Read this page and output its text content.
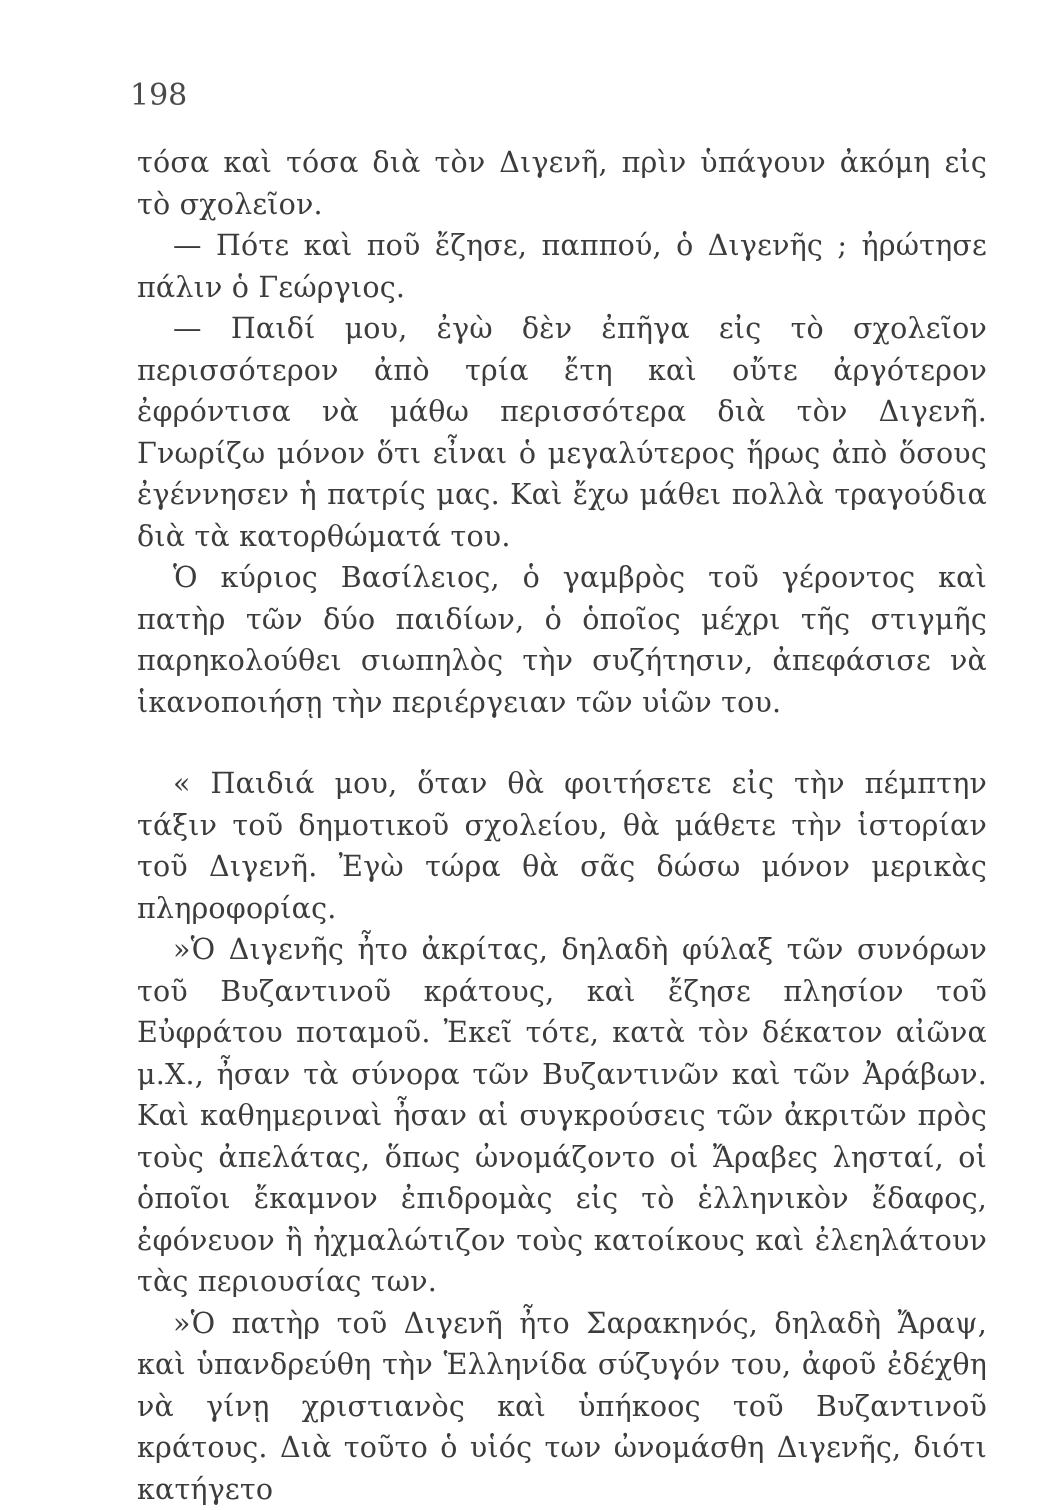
198

τόσα καὶ τόσα διὰ τὸν Διγενῆ, πρὶν ὑπάγουν ἀκόμη εἰς τὸ σχολεῖον.

— Πότε καὶ ποῦ ἔζησε, παππού, ὁ Διγενῆς ; ἠρώτησε πάλιν ὁ Γεώργιος.

— Παιδί μου, ἐγὼ δὲν ἐπῆγα εἰς τὸ σχολεῖον περισσότερον ἀπὸ τρία ἔτη καὶ οὔτε ἀργότερον ἐφρόντισα νὰ μάθω περισσότερα διὰ τὸν Διγενῆ. Γνωρίζω μόνον ὅτι εἶναι ὁ μεγαλύτερος ἥρως ἀπὸ ὅσους ἐγέννησεν ἡ πατρίς μας. Καὶ ἔχω μάθει πολλὰ τραγούδια διὰ τὰ κατορθώματά του.

Ὁ κύριος Βασίλειος, ὁ γαμβρὸς τοῦ γέροντος καὶ πατὴρ τῶν δύο παιδίων, ὁ ὁποῖος μέχρι τῆς στιγμῆς παρηκολούθει σιωπηλὸς τὴν συζήτησιν, ἀπεφάσισε νὰ ἱκανοποιήσῃ τὴν περιέργειαν τῶν υἱῶν του.

« Παιδιά μου, ὅταν θὰ φοιτήσετε εἰς τὴν πέμπτην τάξιν τοῦ δημοτικοῦ σχολείου, θὰ μάθετε τὴν ἱστορίαν τοῦ Διγενῆ. Ἐγὼ τώρα θὰ σᾶς δώσω μόνον μερικὰς πληροφορίας.

»Ὁ Διγενῆς ἦτο ἀκρίτας, δηλαδὴ φύλαξ τῶν συνόρων τοῦ Βυζαντινοῦ κράτους, καὶ ἔζησε πλησίον τοῦ Εὐφράτου ποταμοῦ. Ἐκεῖ τότε, κατὰ τὸν δέκατον αἰῶνα μ.Χ., ἦσαν τὰ σύνορα τῶν Βυζαντινῶν καὶ τῶν Ἀράβων. Καὶ καθημεριναὶ ἦσαν αἱ συγκρούσεις τῶν ἀκριτῶν πρὸς τοὺς ἀπελάτας, ὅπως ὠνομάζοντο οἱ Ἄραβες λησταί, οἱ ὁποῖοι ἔκαμνον ἐπιδρομὰς εἰς τὸ ἑλληνικὸν ἔδαφος, ἐφόνευον ἢ ἠχμαλώτιζον τοὺς κατοίκους καὶ ἐλεηλάτουν τὰς περιουσίας των.

»Ὁ πατὴρ τοῦ Διγενῆ ἦτο Σαρακηνός, δηλαδὴ Ἄραψ, καὶ ὑπανδρεύθη τὴν Ἑλληνίδα σύζυγόν του, ἀφοῦ ἐδέχθη νὰ γίνῃ χριστιανὸς καὶ ὑπήκοος τοῦ Βυζαντινοῦ κράτους. Διὰ τοῦτο ὁ υἱός των ὠνομάσθη Διγενῆς, διότι κατήγετο
